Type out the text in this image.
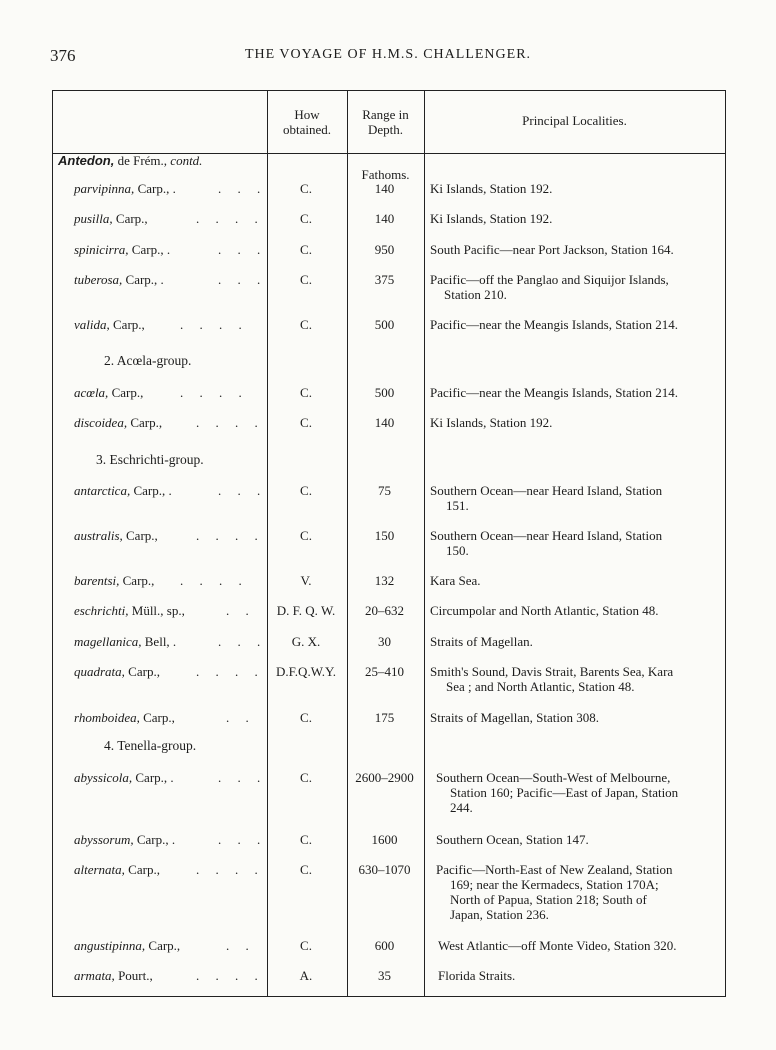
376	THE VOYAGE OF H.M.S. CHALLENGER.
How
obtained.
Range in
Depth.
Principal Localities.
Antedon, de Frém., contd.
Fathoms.
2. Acœla-group.
3. Eschrichti-group.
4. Tenella-group.
parvipinna, Carp., .	.     .     .	C.	140	Ki Islands, Station 192.
pusilla, Carp.,	.     .     .     .	C.	140	Ki Islands, Station 192.
spinicirra, Carp., .	.     .     .	C.	950	South Pacific—near Port Jackson, Station 164.
tuberosa, Carp., .	.     .     .	C.	375	Pacific—off the Panglao and Siquijor Islands,
Station 210.
valida, Carp.,	.     .     .     .	C.	500	Pacific—near the Meangis Islands, Station 214.
acœla, Carp.,	.     .     .     .	C.	500	Pacific—near the Meangis Islands, Station 214.
discoidea, Carp.,	.     .     .     .	C.	140	Ki Islands, Station 192.
antarctica, Carp., .	.     .     .	C.	75	Southern Ocean—near Heard Island, Station
151.
australis, Carp.,	.     .     .     .	C.	150	Southern Ocean—near Heard Island, Station
150.
barentsi, Carp., .     .     .     .	V.	132	Kara Sea.
eschrichti, Müll., sp.,	.     .	D. F. Q. W.	20–632	Circumpolar and North Atlantic, Station 48.
magellanica, Bell, .	.     .     .	G. X.	30	Straits of Magellan.
quadrata, Carp.,	.     .     .     .	D.F.Q.W.Y.	25–410	Smith's Sound, Davis Strait, Barents Sea, Kara
Sea ; and North Atlantic, Station 48.
rhomboidea, Carp.,	.     .	C.	175	Straits of Magellan, Station 308.
abyssicola, Carp., .	.     .     .	C.	2600–2900	Southern Ocean—South-West of Melbourne,
Station 160; Pacific—East of Japan, Station
244.
abyssorum, Carp., .	.     .     .	C.	1600	Southern Ocean, Station 147.
alternata, Carp.,	.     .     .     .	C.	630–1070	Pacific—North-East of New Zealand, Station
169; near the Kermadecs, Station 170A;
North of Papua, Station 218; South of
Japan, Station 236.
angustipinna, Carp.,	.     .	C.	600	West Atlantic—off Monte Video, Station 320.
armata, Pourt.,	.     .     .     .	A.	35	Florida Straits.
